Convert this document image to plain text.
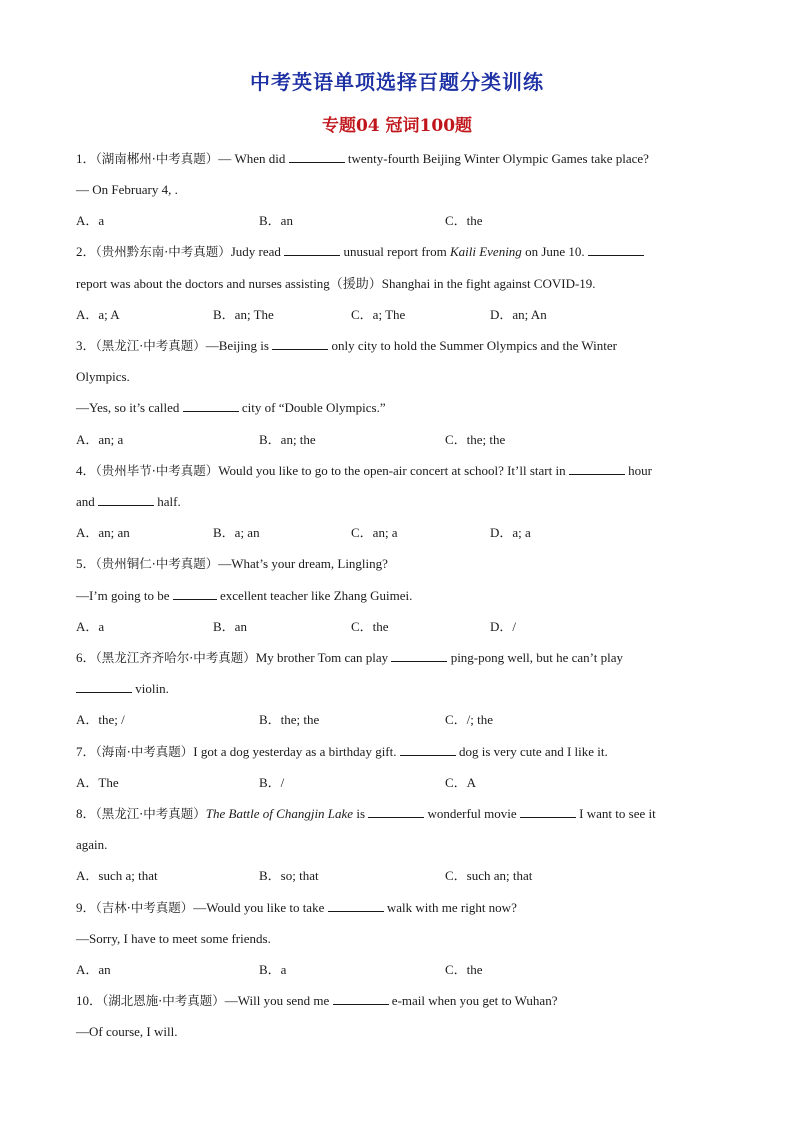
中考英语单项选择百题分类训练
专题04 冠词100题
1．（湖南郴州·中考真题）— When did	twenty-fourth Beijing Winter Olympic Games take place?
— On February 4, .
A．a	B．an	C．the
2．（贵州黔东南·中考真题）Judy read	unusual report from Kaili Evening on June 10.
report was about the doctors and nurses assisting（援助）Shanghai in the fight against COVID-19.
A．a; A	B．an; The	C．a; The	D．an; An
3．（黑龙江·中考真题）—Beijing is	only city to hold the Summer Olympics and the Winter
Olympics.
—Yes, so it’s called	city of “Double Olympics.”
A．an; a	B．an; the	C．the; the
4．（贵州毕节·中考真题）Would you like to go to the open-air concert at school? It’ll start in	hour
and	half.
A．an; an	B．a; an	C．an; a	D．a; a
5．（贵州铜仁·中考真题）—What’s your dream, Lingling?
—I’m going to be	excellent teacher like Zhang Guimei.
A．a	B．an	C．the	D．/
6．（黑龙江齐齐哈尔·中考真题）My brother Tom can play	ping-pong well, but he can’t play
violin.
A．the; /	B．the; the	C．/; the
7．（海南·中考真题）I got a dog yesterday as a birthday gift.	dog is very cute and I like it.
A．The	B．/	C．A
8．（黑龙江·中考真题）The Battle of Changjin Lake is	wonderful movie	I want to see it
again.
A．such a; that	B．so; that	C．such an; that
9．（吉林·中考真题）—Would you like to take	walk with me right now?
—Sorry, I have to meet some friends.
A．an	B．a	C．the
10．（湖北恩施·中考真题）—Will you send me	e-mail when you get to Wuhan?
—Of course, I will.
